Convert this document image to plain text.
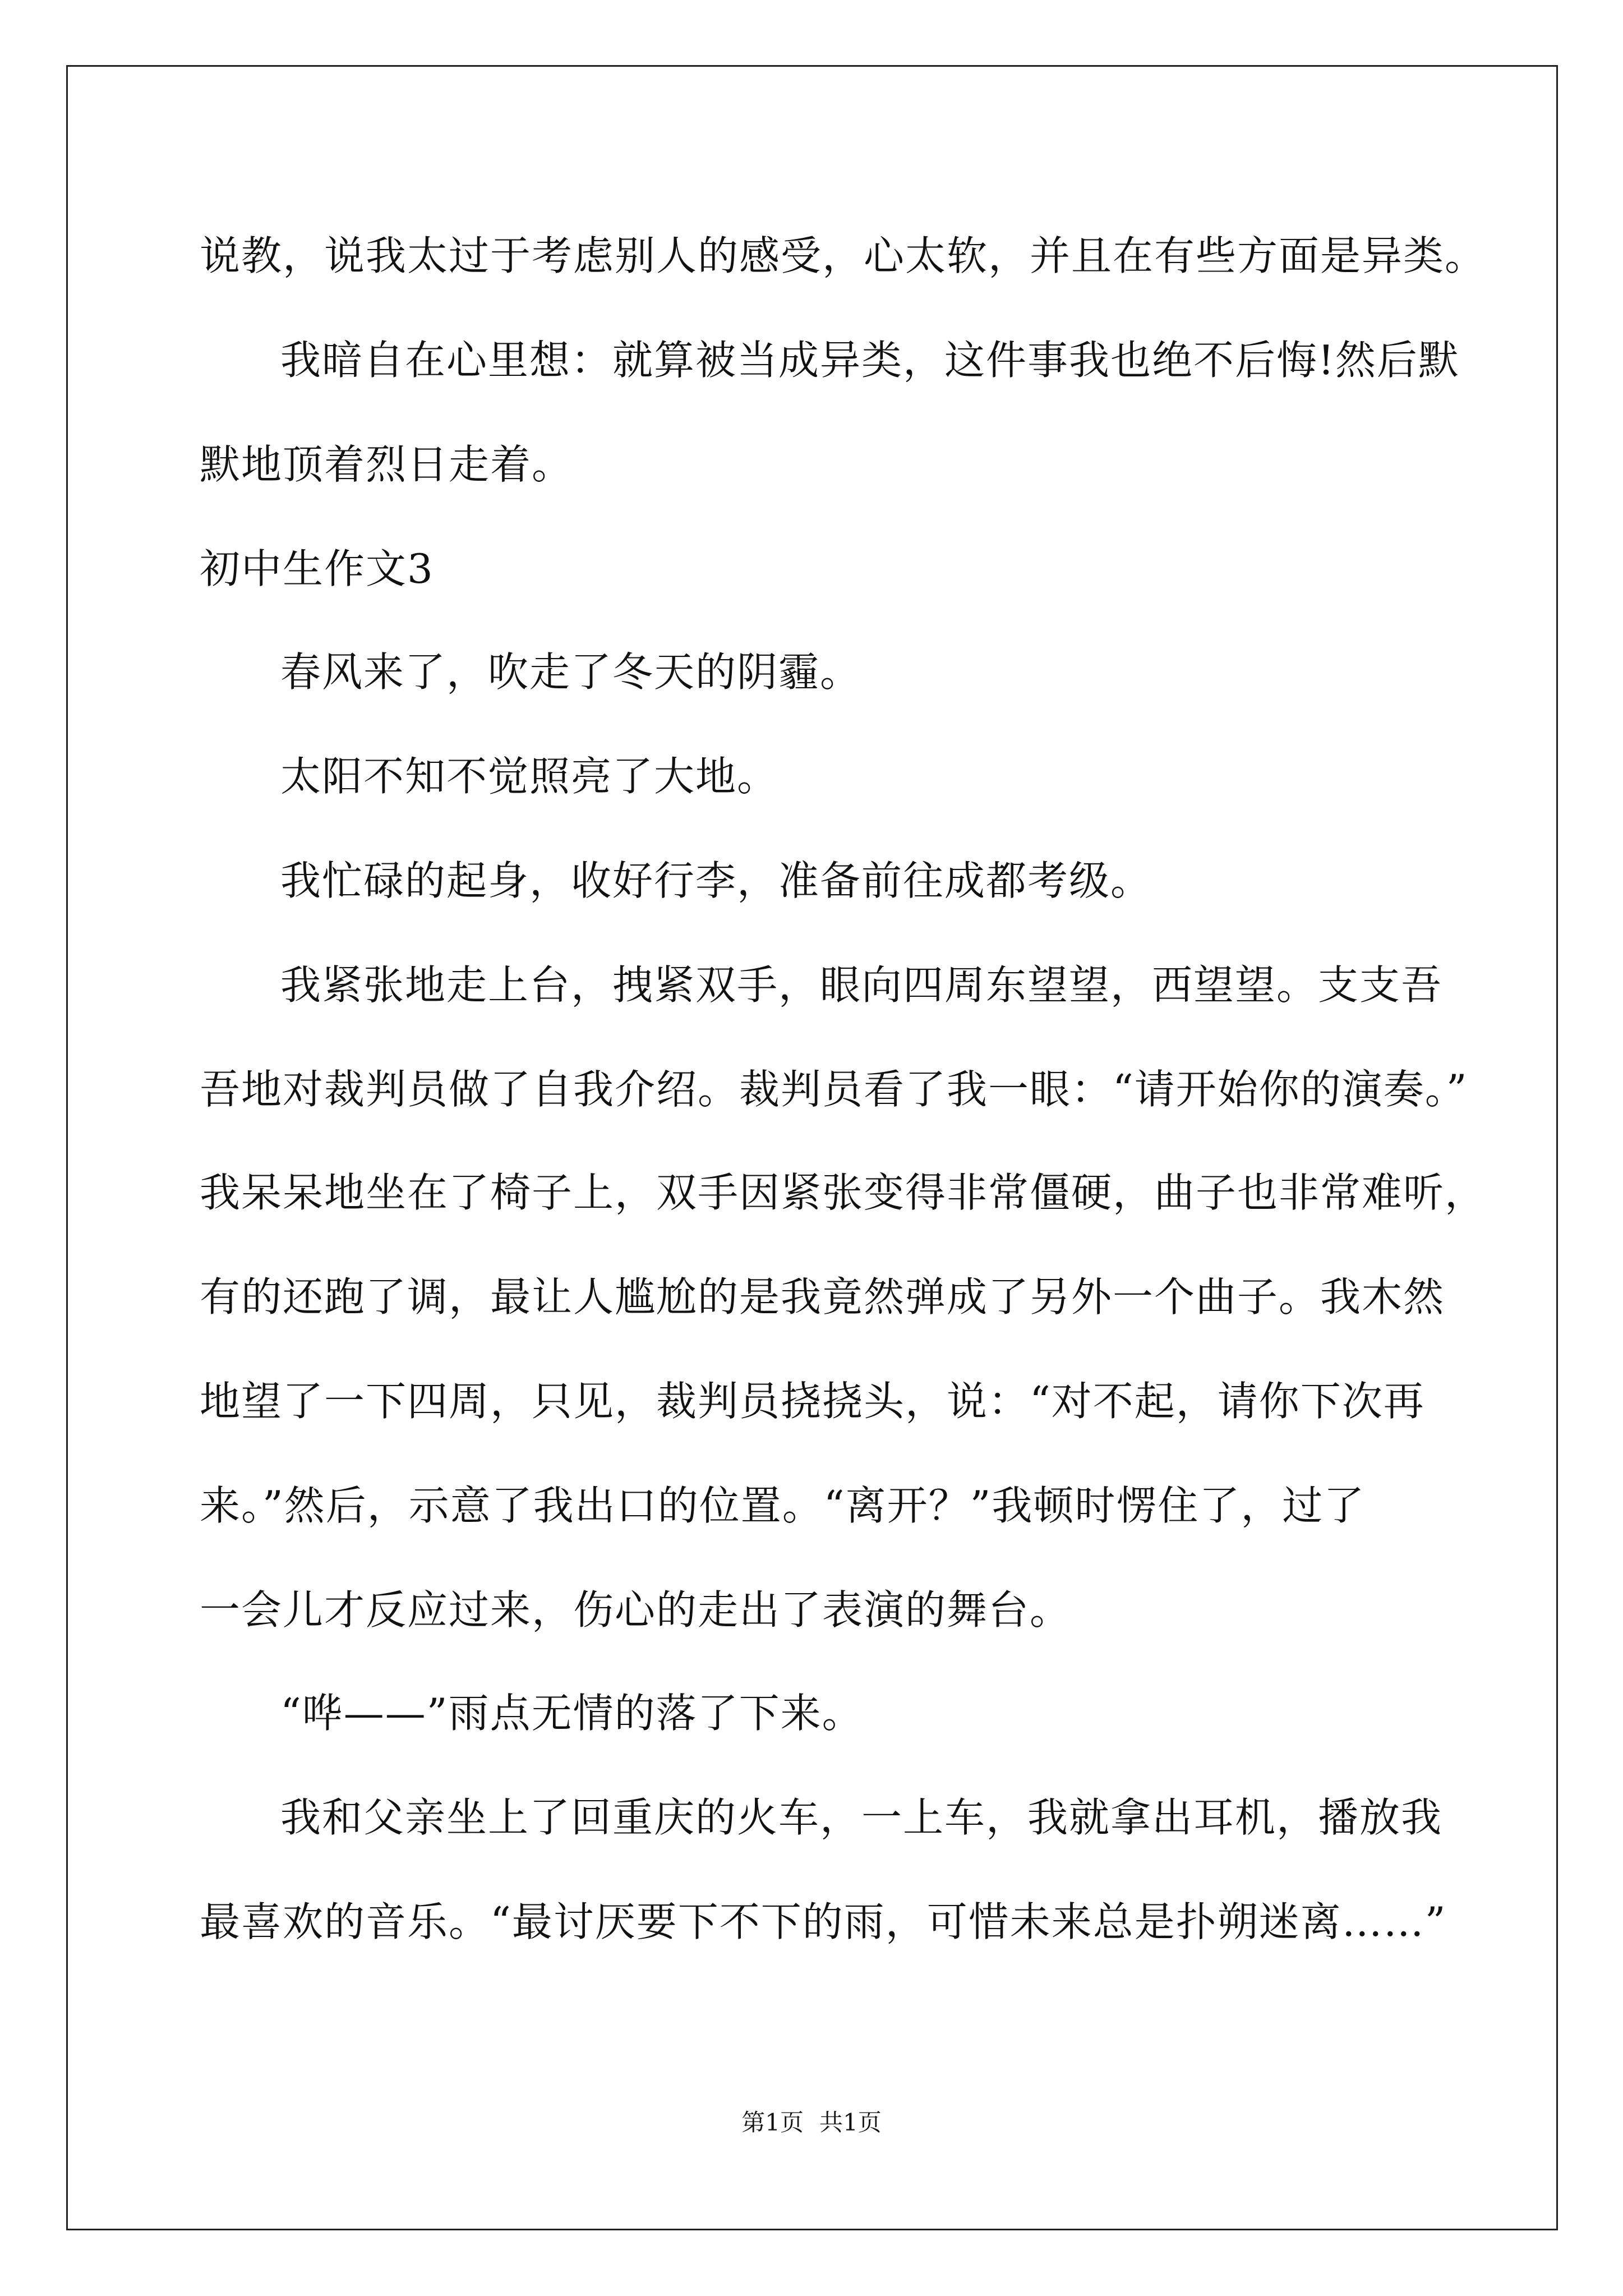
说教，说我太过于考虑别人的感受，心太软，并且在有些方面是异类。
我暗自在心里想：就算被当成异类，这件事我也绝不后悔!然后默
默地顶着烈日走着。
初中生作文3
春风来了，吹走了冬天的阴霾。
太阳不知不觉照亮了大地。
我忙碌的起身，收好行李，准备前往成都考级。
我紧张地走上台，拽紧双手，眼向四周东望望，西望望。支支吾
吾地对裁判员做了自我介绍。裁判员看了我一眼：“请开始你的演奏。”
我呆呆地坐在了椅子上，双手因紧张变得非常僵硬，曲子也非常难听，
有的还跑了调，最让人尴尬的是我竟然弹成了另外一个曲子。我木然
地望了一下四周，只见，裁判员挠挠头，说：“对不起，请你下次再
来。”然后，示意了我出口的位置。“离开？”我顿时愣住了，过了
一会儿才反应过来，伤心的走出了表演的舞台。
“哗——”雨点无情的落了下来。
我和父亲坐上了回重庆的火车，一上车，我就拿出耳机，播放我
最喜欢的音乐。“最讨厌要下不下的雨，可惜未来总是扑朔迷离……”
第1页 共1页
